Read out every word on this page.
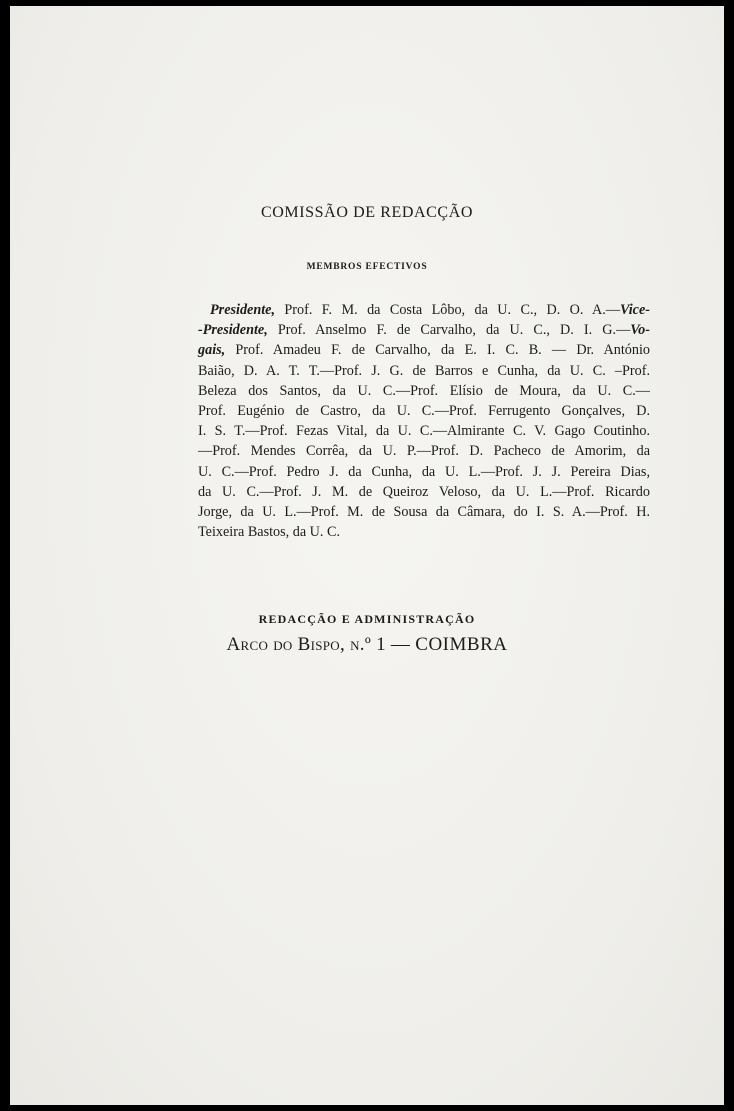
COMISSÃO DE REDACÇÃO
MEMBROS EFECTIVOS
Presidente, Prof. F. M. da Costa Lôbo, da U. C., D. O. A.—Vice-
-Presidente, Prof. Anselmo F. de Carvalho, da U. C., D. I. G.—Vo-
gais, Prof. Amadeu F. de Carvalho, da E. I. C. B. — Dr. António
Baião, D. A. T. T.—Prof. J. G. de Barros e Cunha, da U. C. –Prof.
Beleza dos Santos, da U. C.—Prof. Elísio de Moura, da U. C.—
Prof. Eugénio de Castro, da U. C.—Prof. Ferrugento Gonçalves, D.
I. S. T.—Prof. Fezas Vital, da U. C.—Almirante C. V. Gago Coutinho.
—Prof. Mendes Corrêa, da U. P.—Prof. D. Pacheco de Amorim, da
U. C.—Prof. Pedro J. da Cunha, da U. L.—Prof. J. J. Pereira Dias,
da U. C.—Prof. J. M. de Queiroz Veloso, da U. L.—Prof. Ricardo
Jorge, da U. L.—Prof. M. de Sousa da Câmara, do I. S. A.—Prof. H.
Teixeira Bastos, da U. C.
REDACÇÃO E ADMINISTRAÇÃO
Arco do Bispo, n.º 1 — COIMBRA
